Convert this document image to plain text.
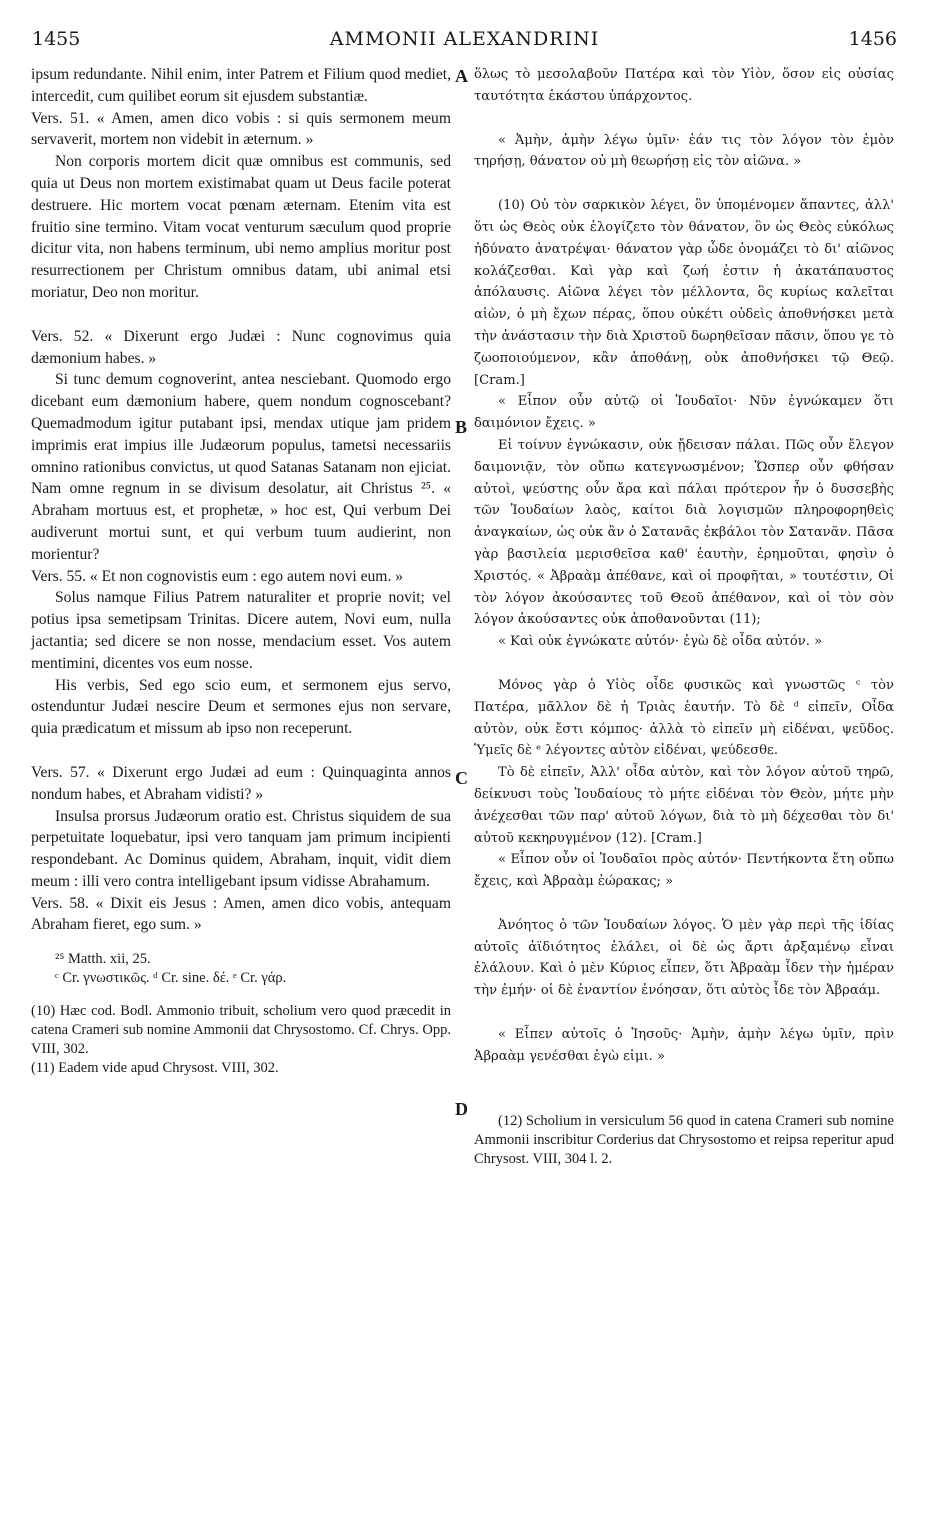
1455	AMMONII ALEXANDRINI	1456
A
B
C
D

ipsum redundante. Nihil enim, inter Patrem et Filium quod mediet, intercedit, cum quilibet eorum sit ejusdem substantiæ.

Vers. 51. « Amen, amen dico vobis : si quis sermonem meum servaverit, mortem non videbit in æternum. »

Non corporis mortem dicit quæ omnibus est communis, sed quia ut Deus non mortem existimabat quam ut Deus facile poterat destruere. Hic mortem vocat pœnam æternam. Etenim vita est fruitio sine termino. Vitam vocat venturum sæculum quod proprie dicitur vita, non habens terminum, ubi nemo amplius moritur post resurrectionem per Christum omnibus datam, ubi animal etsi moriatur, Deo non moritur.

Vers. 52. « Dixerunt ergo Judæi : Nunc cognovimus quia dæmonium habes. »

Si tunc demum cognoverint, antea nesciebant. Quomodo ergo dicebant eum dæmonium habere, quem nondum cognoscebant? Quemadmodum igitur putabant ipsi, mendax utique jam pridem imprimis erat impius ille Judæorum populus, tametsi necessariis omnino rationibus convictus, ut quod Satanas Satanam non ejiciat. Nam omne regnum in se divisum desolatur, ait Christus ²⁵. « Abraham mortuus est, et prophetæ, » hoc est, Qui verbum Dei audiverunt mortui sunt, et qui verbum tuum audierint, non morientur?

Vers. 55. « Et non cognovistis eum : ego autem novi eum. »

Solus namque Filius Patrem naturaliter et proprie novit; vel potius ipsa semetipsam Trinitas. Dicere autem, Novi eum, nulla jactantia; sed dicere se non nosse, mendacium esset. Vos autem mentimini, dicentes vos eum nosse.

His verbis, Sed ego scio eum, et sermonem ejus servo, ostenduntur Judæi nescire Deum et sermones ejus non servare, quia prædicatum et missum ab ipso non receperunt.

Vers. 57. « Dixerunt ergo Judæi ad eum : Quinquaginta annos nondum habes, et Abraham vidisti? »

Insulsa prorsus Judæorum oratio est. Christus siquidem de sua perpetuitate loquebatur, ipsi vero tanquam jam primum incipienti respondebant. Ac Dominus quidem, Abraham, inquit, vidit diem meum : illi vero contra intelligebant ipsum vidisse Abrahamum.

Vers. 58. « Dixit eis Jesus : Amen, amen dico vobis, antequam Abraham fieret, ego sum. »

²⁵ Matth. xii, 25.

ᶜ Cr. γνωστικῶς. ᵈ Cr. sine. δέ. ᵉ Cr. γάρ.

(10) Hæc cod. Bodl. Ammonio tribuit, scholium vero quod præcedit in catena Crameri sub nomine Ammonii dat Chrysostomo. Cf. Chrys. Opp. VIII, 302.

(11) Eadem vide apud Chrysost. VIII, 302.

ὅλως τὸ μεσολαβοῦν Πατέρα καὶ τὸν Υἱὸν, ὅσον εἰς οὐσίας ταυτότητα ἑκάστου ὑπάρχοντος.

« Ἀμὴν, ἀμὴν λέγω ὑμῖν· ἐάν τις τὸν λόγον τὸν ἐμὸν τηρήσῃ, θάνατον οὐ μὴ θεωρήσῃ εἰς τὸν αἰῶνα. »

(10) Οὐ τὸν σαρκικὸν λέγει, ὃν ὑπομένομεν ἅπαντες, ἀλλ' ὅτι ὡς Θεὸς οὐκ ἐλογίζετο τὸν θάνατον, ὃν ὡς Θεὸς εὐκόλως ἠδύνατο ἀνατρέψαι· θάνατον γὰρ ὧδε ὀνομάζει τὸ δι' αἰῶνος κολάζεσθαι. Καὶ γὰρ καὶ ζωή ἐστιν ἡ ἀκατάπαυστος ἀπόλαυσις. Αἰῶνα λέγει τὸν μέλλοντα, ὃς κυρίως καλεῖται αἰὼν, ὁ μὴ ἔχων πέρας, ὅπου οὐκέτι οὐδεὶς ἀποθνήσκει μετὰ τὴν ἀνάστασιν τὴν διὰ Χριστοῦ δωρηθεῖσαν πᾶσιν, ὅπου γε τὸ ζωοποιούμενον, κἂν ἀποθάνῃ, οὐκ ἀποθνήσκει τῷ Θεῷ. [Cram.]

« Εἶπον οὖν αὐτῷ οἱ Ἰουδαῖοι· Νῦν ἐγνώκαμεν ὅτι δαιμόνιον ἔχεις. »

Εἰ τοίνυν ἐγνώκασιν, οὐκ ᾔδεισαν πάλαι. Πῶς οὖν ἔλεγον δαιμονιᾷν, τὸν οὔπω κατεγνωσμένον; Ὥσπερ οὖν φθήσαν αὐτοὶ, ψεύστης οὖν ἄρα καὶ πάλαι πρότερον ἦν ὁ δυσσεβὴς τῶν Ἰουδαίων λαὸς, καίτοι διὰ λογισμῶν πληροφορηθεὶς ἀναγκαίων, ὡς οὐκ ἂν ὁ Σατανᾶς ἐκβάλοι τὸν Σατανᾶν. Πᾶσα γὰρ βασιλεία μερισθεῖσα καθ' ἑαυτὴν, ἐρημοῦται, φησὶν ὁ Χριστός. « Ἀβραὰμ ἀπέθανε, καὶ οἱ προφῆται, » τουτέστιν, Οἱ τὸν λόγον ἀκούσαντες τοῦ Θεοῦ ἀπέθανον, καὶ οἱ τὸν σὸν λόγον ἀκούσαντες οὐκ ἀποθανοῦνται (11);

« Καὶ οὐκ ἐγνώκατε αὐτόν· ἐγὼ δὲ οἶδα αὐτόν. »

Μόνος γὰρ ὁ Υἱὸς οἶδε φυσικῶς καὶ γνωστῶς ᶜ τὸν Πατέρα, μᾶλλον δὲ ἡ Τριὰς ἑαυτήν. Τὸ δὲ ᵈ εἰπεῖν, Οἶδα αὐτὸν, οὐκ ἔστι κόμπος· ἀλλὰ τὸ εἰπεῖν μὴ εἰδέναι, ψεῦδος. Ὑμεῖς δὲ ᵉ λέγοντες αὐτὸν εἰδέναι, ψεύδεσθε.

Τὸ δὲ εἰπεῖν, Ἀλλ' οἶδα αὐτὸν, καὶ τὸν λόγον αὐτοῦ τηρῶ, δείκνυσι τοὺς Ἰουδαίους τὸ μήτε εἰδέναι τὸν Θεὸν, μήτε μὴν ἀνέχεσθαι τῶν παρ' αὐτοῦ λόγων, διὰ τὸ μὴ δέχεσθαι τὸν δι' αὐτοῦ κεκηρυγμένον (12). [Cram.]

« Εἶπον οὖν οἱ Ἰουδαῖοι πρὸς αὐτόν· Πεντήκοντα ἔτη οὔπω ἔχεις, καὶ Ἀβραὰμ ἑώρακας; »

Ἀνόητος ὁ τῶν Ἰουδαίων λόγος. Ὁ μὲν γὰρ περὶ τῆς ἰδίας αὐτοῖς ἀϊδιότητος ἐλάλει, οἱ δὲ ὡς ἄρτι ἀρξαμένῳ εἶναι ἐλάλουν. Καὶ ὁ μὲν Κύριος εἶπεν, ὅτι Ἀβραὰμ ἶδεν τὴν ἡμέραν τὴν ἐμήν· οἱ δὲ ἐναντίον ἐνόησαν, ὅτι αὐτὸς ἶδε τὸν Ἀβραάμ.

« Εἶπεν αὐτοῖς ὁ Ἰησοῦς· Ἀμὴν, ἀμὴν λέγω ὑμῖν, πρὶν Ἀβραὰμ γενέσθαι ἐγὼ εἰμι. »

(12) Scholium in versiculum 56 quod in catena Crameri sub nomine Ammonii inscribitur Corderius dat Chrysostomo et reipsa reperitur apud Chrysost. VIII, 304 l. 2.
